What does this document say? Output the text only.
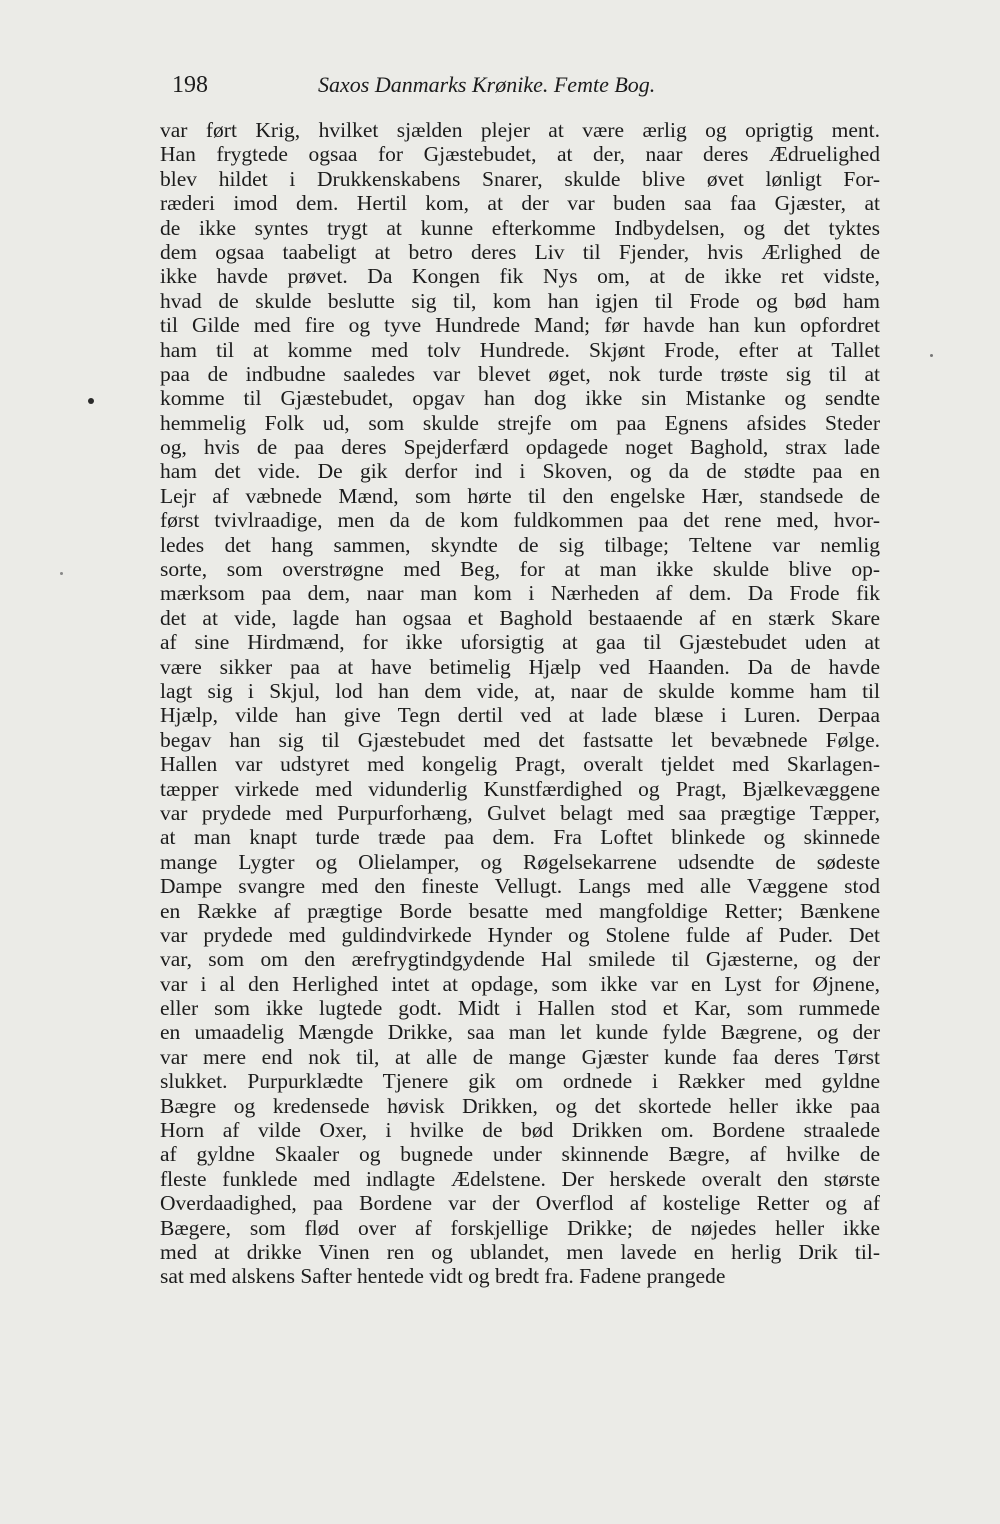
198	Saxos Danmarks Krønike. Femte Bog.
var ført Krig, hvilket sjælden plejer at være ærlig og oprigtig ment.
Han frygtede ogsaa for Gjæstebudet, at der, naar deres Ædruelighed
blev hildet i Drukkenskabens Snarer, skulde blive øvet lønligt For-
ræderi imod dem. Hertil kom, at der var buden saa faa Gjæster, at
de ikke syntes trygt at kunne efterkomme Indbydelsen, og det tyktes
dem ogsaa taabeligt at betro deres Liv til Fjender, hvis Ærlighed de
ikke havde prøvet. Da Kongen fik Nys om, at de ikke ret vidste,
hvad de skulde beslutte sig til, kom han igjen til Frode og bød ham
til Gilde med fire og tyve Hundrede Mand; før havde han kun opfordret
ham til at komme med tolv Hundrede. Skjønt Frode, efter at Tallet
paa de indbudne saaledes var blevet øget, nok turde trøste sig til at
komme til Gjæstebudet, opgav han dog ikke sin Mistanke og sendte
hemmelig Folk ud, som skulde strejfe om paa Egnens afsides Steder
og, hvis de paa deres Spejderfærd opdagede noget Baghold, strax lade
ham det vide. De gik derfor ind i Skoven, og da de stødte paa en
Lejr af væbnede Mænd, som hørte til den engelske Hær, standsede de
først tvivlraadige, men da de kom fuldkommen paa det rene med, hvor-
ledes det hang sammen, skyndte de sig tilbage; Teltene var nemlig
sorte, som overstrøgne med Beg, for at man ikke skulde blive op-
mærksom paa dem, naar man kom i Nærheden af dem. Da Frode fik
det at vide, lagde han ogsaa et Baghold bestaaende af en stærk Skare
af sine Hirdmænd, for ikke uforsigtig at gaa til Gjæstebudet uden at
være sikker paa at have betimelig Hjælp ved Haanden. Da de havde
lagt sig i Skjul, lod han dem vide, at, naar de skulde komme ham til
Hjælp, vilde han give Tegn dertil ved at lade blæse i Luren. Derpaa
begav han sig til Gjæstebudet med det fastsatte let bevæbnede Følge.
Hallen var udstyret med kongelig Pragt, overalt tjeldet med Skarlagen-
tæpper virkede med vidunderlig Kunstfærdighed og Pragt, Bjælkevæggene
var prydede med Purpurforhæng, Gulvet belagt med saa prægtige Tæpper,
at man knapt turde træde paa dem. Fra Loftet blinkede og skinnede
mange Lygter og Olielamper, og Røgelsekarrene udsendte de sødeste
Dampe svangre med den fineste Vellugt. Langs med alle Væggene stod
en Række af prægtige Borde besatte med mangfoldige Retter; Bænkene
var prydede med guldindvirkede Hynder og Stolene fulde af Puder. Det
var, som om den ærefrygtindgydende Hal smilede til Gjæsterne, og der
var i al den Herlighed intet at opdage, som ikke var en Lyst for Øjnene,
eller som ikke lugtede godt. Midt i Hallen stod et Kar, som rummede
en umaadelig Mængde Drikke, saa man let kunde fylde Bægrene, og der
var mere end nok til, at alle de mange Gjæster kunde faa deres Tørst
slukket. Purpurklædte Tjenere gik om ordnede i Rækker med gyldne
Bægre og kredensede høvisk Drikken, og det skortede heller ikke paa
Horn af vilde Oxer, i hvilke de bød Drikken om. Bordene straalede
af gyldne Skaaler og bugnede under skinnende Bægre, af hvilke de
fleste funklede med indlagte Ædelstene. Der herskede overalt den største
Overdaadighed, paa Bordene var der Overflod af kostelige Retter og af
Bægere, som flød over af forskjellige Drikke; de nøjedes heller ikke
med at drikke Vinen ren og ublandet, men lavede en herlig Drik til-
sat med alskens Safter hentede vidt og bredt fra. Fadene prangede
